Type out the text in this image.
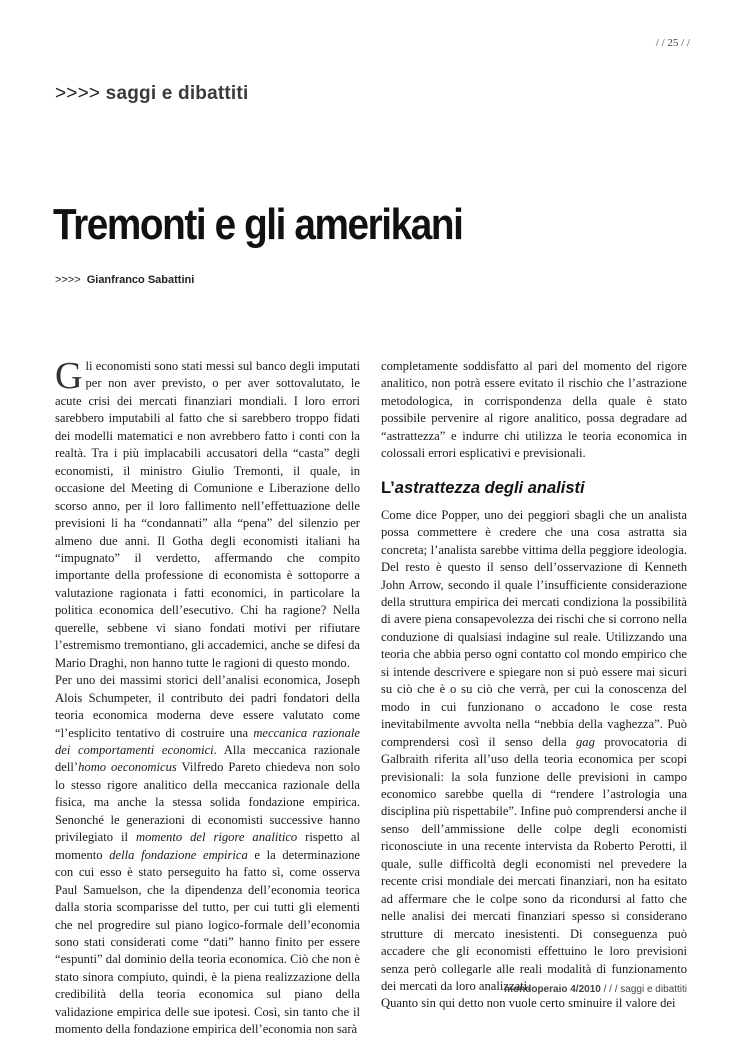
/ / 25 / /
>>>> saggi e dibattiti
Tremonti e gli amerikani
>>>> Gianfranco Sabattini

Gli economisti sono stati messi sul banco degli imputati per non aver previsto, o per aver sottovalutato, le acute crisi dei mercati finanziari mondiali. I loro errori sarebbero imputabili al fatto che si sarebbero troppo fidati dei modelli matematici e non avrebbero fatto i conti con la realtà. Tra i più implacabili accusatori della “casta” degli economisti, il ministro Giulio Tremonti, il quale, in occasione del Meeting di Comunione e Liberazione dello scorso anno, per il loro fallimento nell’effettuazione delle previsioni li ha “condannati” alla “pena” del silenzio per almeno due anni. Il Gotha degli economisti italiani ha “impugnato” il verdetto, affermando che compito importante della professione di economista è sottoporre a valutazione ragionata i fatti economici, in particolare la politica economica dell’esecutivo. Chi ha ragione? Nella querelle, sebbene vi siano fondati motivi per rifiutare l’estremismo tremontiano, gli accademici, anche se difesi da Mario Draghi, non hanno tutte le ragioni di questo mondo.

Per uno dei massimi storici dell’analisi economica, Joseph Alois Schumpeter, il contributo dei padri fondatori della teoria economica moderna deve essere valutato come “l’esplicito tentativo di costruire una meccanica razionale dei comportamenti economici. Alla meccanica razionale dell’homo oeconomicus Vilfredo Pareto chiedeva non solo lo stesso rigore analitico della meccanica razionale della fisica, ma anche la stessa solida fondazione empirica. Senonché le generazioni di economisti successive hanno privilegiato il momento del rigore analitico rispetto al momento della fondazione empirica e la determinazione con cui esso è stato perseguito ha fatto sì, come osserva Paul Samuelson, che la dipendenza dell’economia teorica dalla storia scomparisse del tutto, per cui tutti gli elementi che nel progredire sul piano logico-formale dell’economia sono stati considerati come “dati” hanno finito per essere “espunti” dal dominio della teoria economica. Ciò che non è stato sinora compiuto, quindi, è la piena realizzazione della credibilità della teoria economica sul piano della validazione empirica delle sue ipotesi. Così, sin tanto che il momento della fondazione empirica dell’economia non sarà

completamente soddisfatto al pari del momento del rigore analitico, non potrà essere evitato il rischio che l’astrazione metodologica, in corrispondenza della quale è stato possibile pervenire al rigore analitico, possa degradare ad “astrattezza” e indurre chi utilizza le teoria economica in colossali errori esplicativi e previsionali.

L’astrattezza degli analisti

Come dice Popper, uno dei peggiori sbagli che un analista possa commettere è credere che una cosa astratta sia concreta; l’analista sarebbe vittima della peggiore ideologia. Del resto è questo il senso dell’osservazione di Kenneth John Arrow, secondo il quale l’insufficiente considerazione della struttura empirica dei mercati condiziona la possibilità di avere piena consapevolezza dei rischi che si corrono nella conduzione di qualsiasi indagine sul reale. Utilizzando una teoria che abbia perso ogni contatto col mondo empirico che si intende descrivere e spiegare non si può essere mai sicuri su ciò che è o su ciò che verrà, per cui la conoscenza del modo in cui funzionano o accadono le cose resta inevitabilmente avvolta nella “nebbia della vaghezza”. Può comprendersi così il senso della gag provocatoria di Galbraith riferita all’uso della teoria economica per scopi previsionali: la sola funzione delle previsioni in campo economico sarebbe quella di “rendere l’astrologia una disciplina più rispettabile”. Infine può comprendersi anche il senso dell’ammissione delle colpe degli economisti riconosciute in una recente intervista da Roberto Perotti, il quale, sulle difficoltà degli economisti nel prevedere la recente crisi mondiale dei mercati finanziari, non ha esitato ad affermare che le colpe sono da ricondursi al fatto che nelle analisi dei mercati finanziari spesso si considerano strutture di mercato inesistenti. Di conseguenza può accadere che gli economisti effettuino le loro previsioni senza però collegarle alle reali modalità di funzionamento dei mercati da loro analizzati.

Quanto sin qui detto non vuole certo sminuire il valore dei

mondoperaio 4/2010 / / / saggi e dibattiti
